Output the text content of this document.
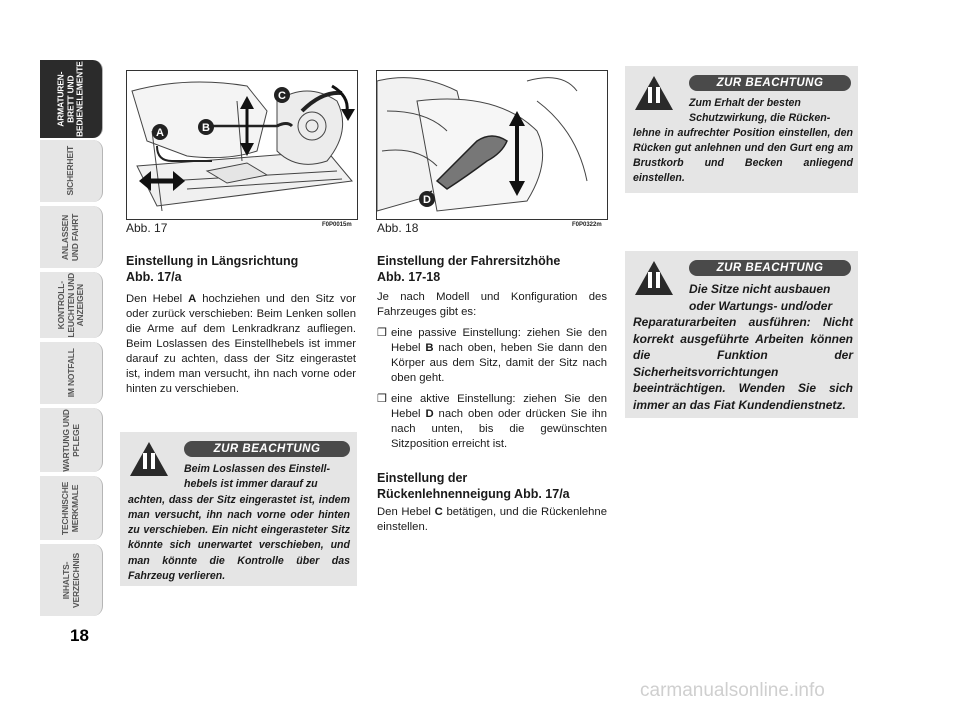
ARMATUREN-
BRETT UND
BEDIENELEMENTE
SICHERHEIT
ANLASSEN
UND FAHRT
KONTROLL-
LEUCHTEN UND
ANZEIGEN
IM NOTFALL
WARTUNG UND
PFLEGE
TECHNISCHE
MERKMALE
INHALTS-
VERZEICHNIS
18
A	B
C
Abb. 17	F0P0015m
D
Abb. 18	F0P0322m
Einstellung in Längsrichtung
Abb. 17/a

Den Hebel A hochziehen und den Sitz vor oder zurück verschieben: Beim Lenken sollen die Arme auf dem Lenkradkranz aufliegen. Beim Loslassen des Einstellhebels ist immer darauf zu achten, dass der Sitz eingerastet ist, indem man versucht, ihn nach vorne oder hinten zu verschieben.

ZUR BEACHTUNG
Beim Loslassen des Einstell-
hebels ist immer darauf zu
achten, dass der Sitz eingerastet ist, indem man versucht, ihn nach vorne oder hinten zu verschieben. Ein nicht eingerasteter Sitz könnte sich unerwartet verschieben, und man könnte die Kontrolle über das Fahrzeug verlieren.
Einstellung der Fahrersitzhöhe
Abb. 17-18

Je nach Modell und Konfiguration des Fahrzeuges gibt es:

❒ eine passive Einstellung: ziehen Sie den Hebel B nach oben, heben Sie dann den Körper aus dem Sitz, damit der Sitz nach oben geht.
❒ eine aktive Einstellung: ziehen Sie den Hebel D nach oben oder drücken Sie ihn nach unten, bis die gewünschten Sitzposition erreicht ist.
Einstellung der
Rückenlehnenneigung Abb. 17/a

Den Hebel C betätigen, und die Rückenlehne einstellen.

ZUR BEACHTUNG
Zum Erhalt der besten
Schutzwirkung, die Rücken-
lehne in aufrechter Position einstellen, den Rücken gut anlehnen und den Gurt eng am Brustkorb und Becken anliegend einstellen.
ZUR BEACHTUNG
Die Sitze nicht ausbauen
oder Wartungs- und/oder
Reparaturarbeiten ausführen: Nicht korrekt ausgeführte Arbeiten können die Funktion der Sicherheitsvorrichtungen beeinträchtigen. Wenden Sie sich immer an das Fiat Kundendienstnetz.
carmanualsonline.info
